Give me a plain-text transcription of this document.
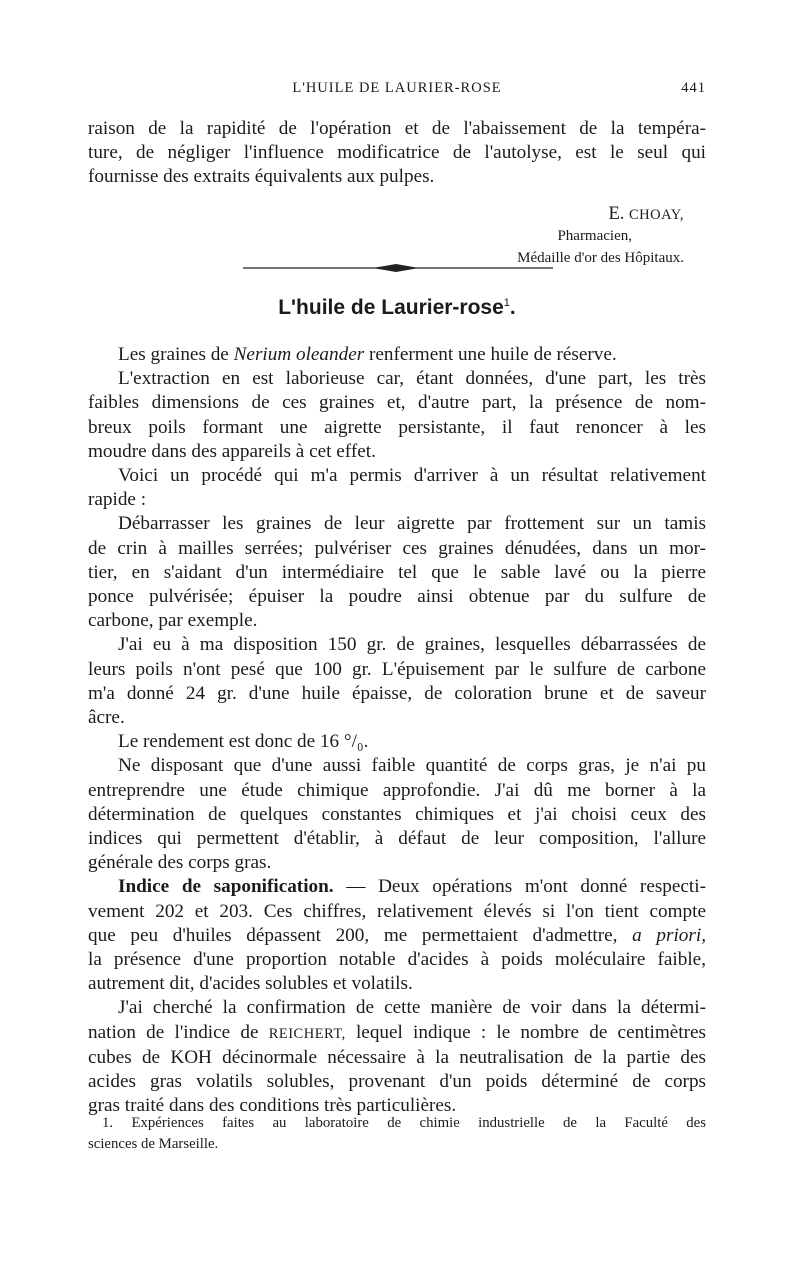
L'HUILE DE LAURIER-ROSE	441

raison de la rapidité de l'opération et de l'abaissement de la tempéra-

ture, de négliger l'influence modificatrice de l'autolyse, est le seul qui

fournisse des extraits équivalents aux pulpes.

E. CHOAY,
Pharmacien,
Médaille d'or des Hôpitaux.
L'huile de Laurier-rose$^1$.

Les graines de Nerium oleander renferment une huile de réserve.

L'extraction en est laborieuse car, étant données, d'une part, les très

faibles dimensions de ces graines et, d'autre part, la présence de nom-

breux poils formant une aigrette persistante, il faut renoncer à les

moudre dans des appareils à cet effet.

Voici un procédé qui m'a permis d'arriver à un résultat relativement

rapide :

Débarrasser les graines de leur aigrette par frottement sur un tamis

de crin à mailles serrées; pulvériser ces graines dénudées, dans un mor-

tier, en s'aidant d'un intermédiaire tel que le sable lavé ou la pierre

ponce pulvérisée; épuiser la poudre ainsi obtenue par du sulfure de

carbone, par exemple.

J'ai eu à ma disposition 150 gr. de graines, lesquelles débarrassées de

leurs poils n'ont pesé que 100 gr. L'épuisement par le sulfure de carbone

m'a donné 24 gr. d'une huile épaisse, de coloration brune et de saveur

âcre.

Le rendement est donc de 16 °/₀.

Ne disposant que d'une aussi faible quantité de corps gras, je n'ai pu

entreprendre une étude chimique approfondie. J'ai dû me borner à la

détermination de quelques constantes chimiques et j'ai choisi ceux des

indices qui permettent d'établir, à défaut de leur composition, l'allure

générale des corps gras.

Indice de saponification. — Deux opérations m'ont donné respecti-

vement 202 et 203. Ces chiffres, relativement élevés si l'on tient compte

que peu d'huiles dépassent 200, me permettaient d'admettre, a priori,

la présence d'une proportion notable d'acides à poids moléculaire faible,

autrement dit, d'acides solubles et volatils.

J'ai cherché la confirmation de cette manière de voir dans la détermi-

nation de l'indice de REICHERT, lequel indique : le nombre de centimètres

cubes de KOH décinormale nécessaire à la neutralisation de la partie des

acides gras volatils solubles, provenant d'un poids déterminé de corps

gras traité dans des conditions très particulières.

1. Expériences faites au laboratoire de chimie industrielle de la Faculté des

sciences de Marseille.
